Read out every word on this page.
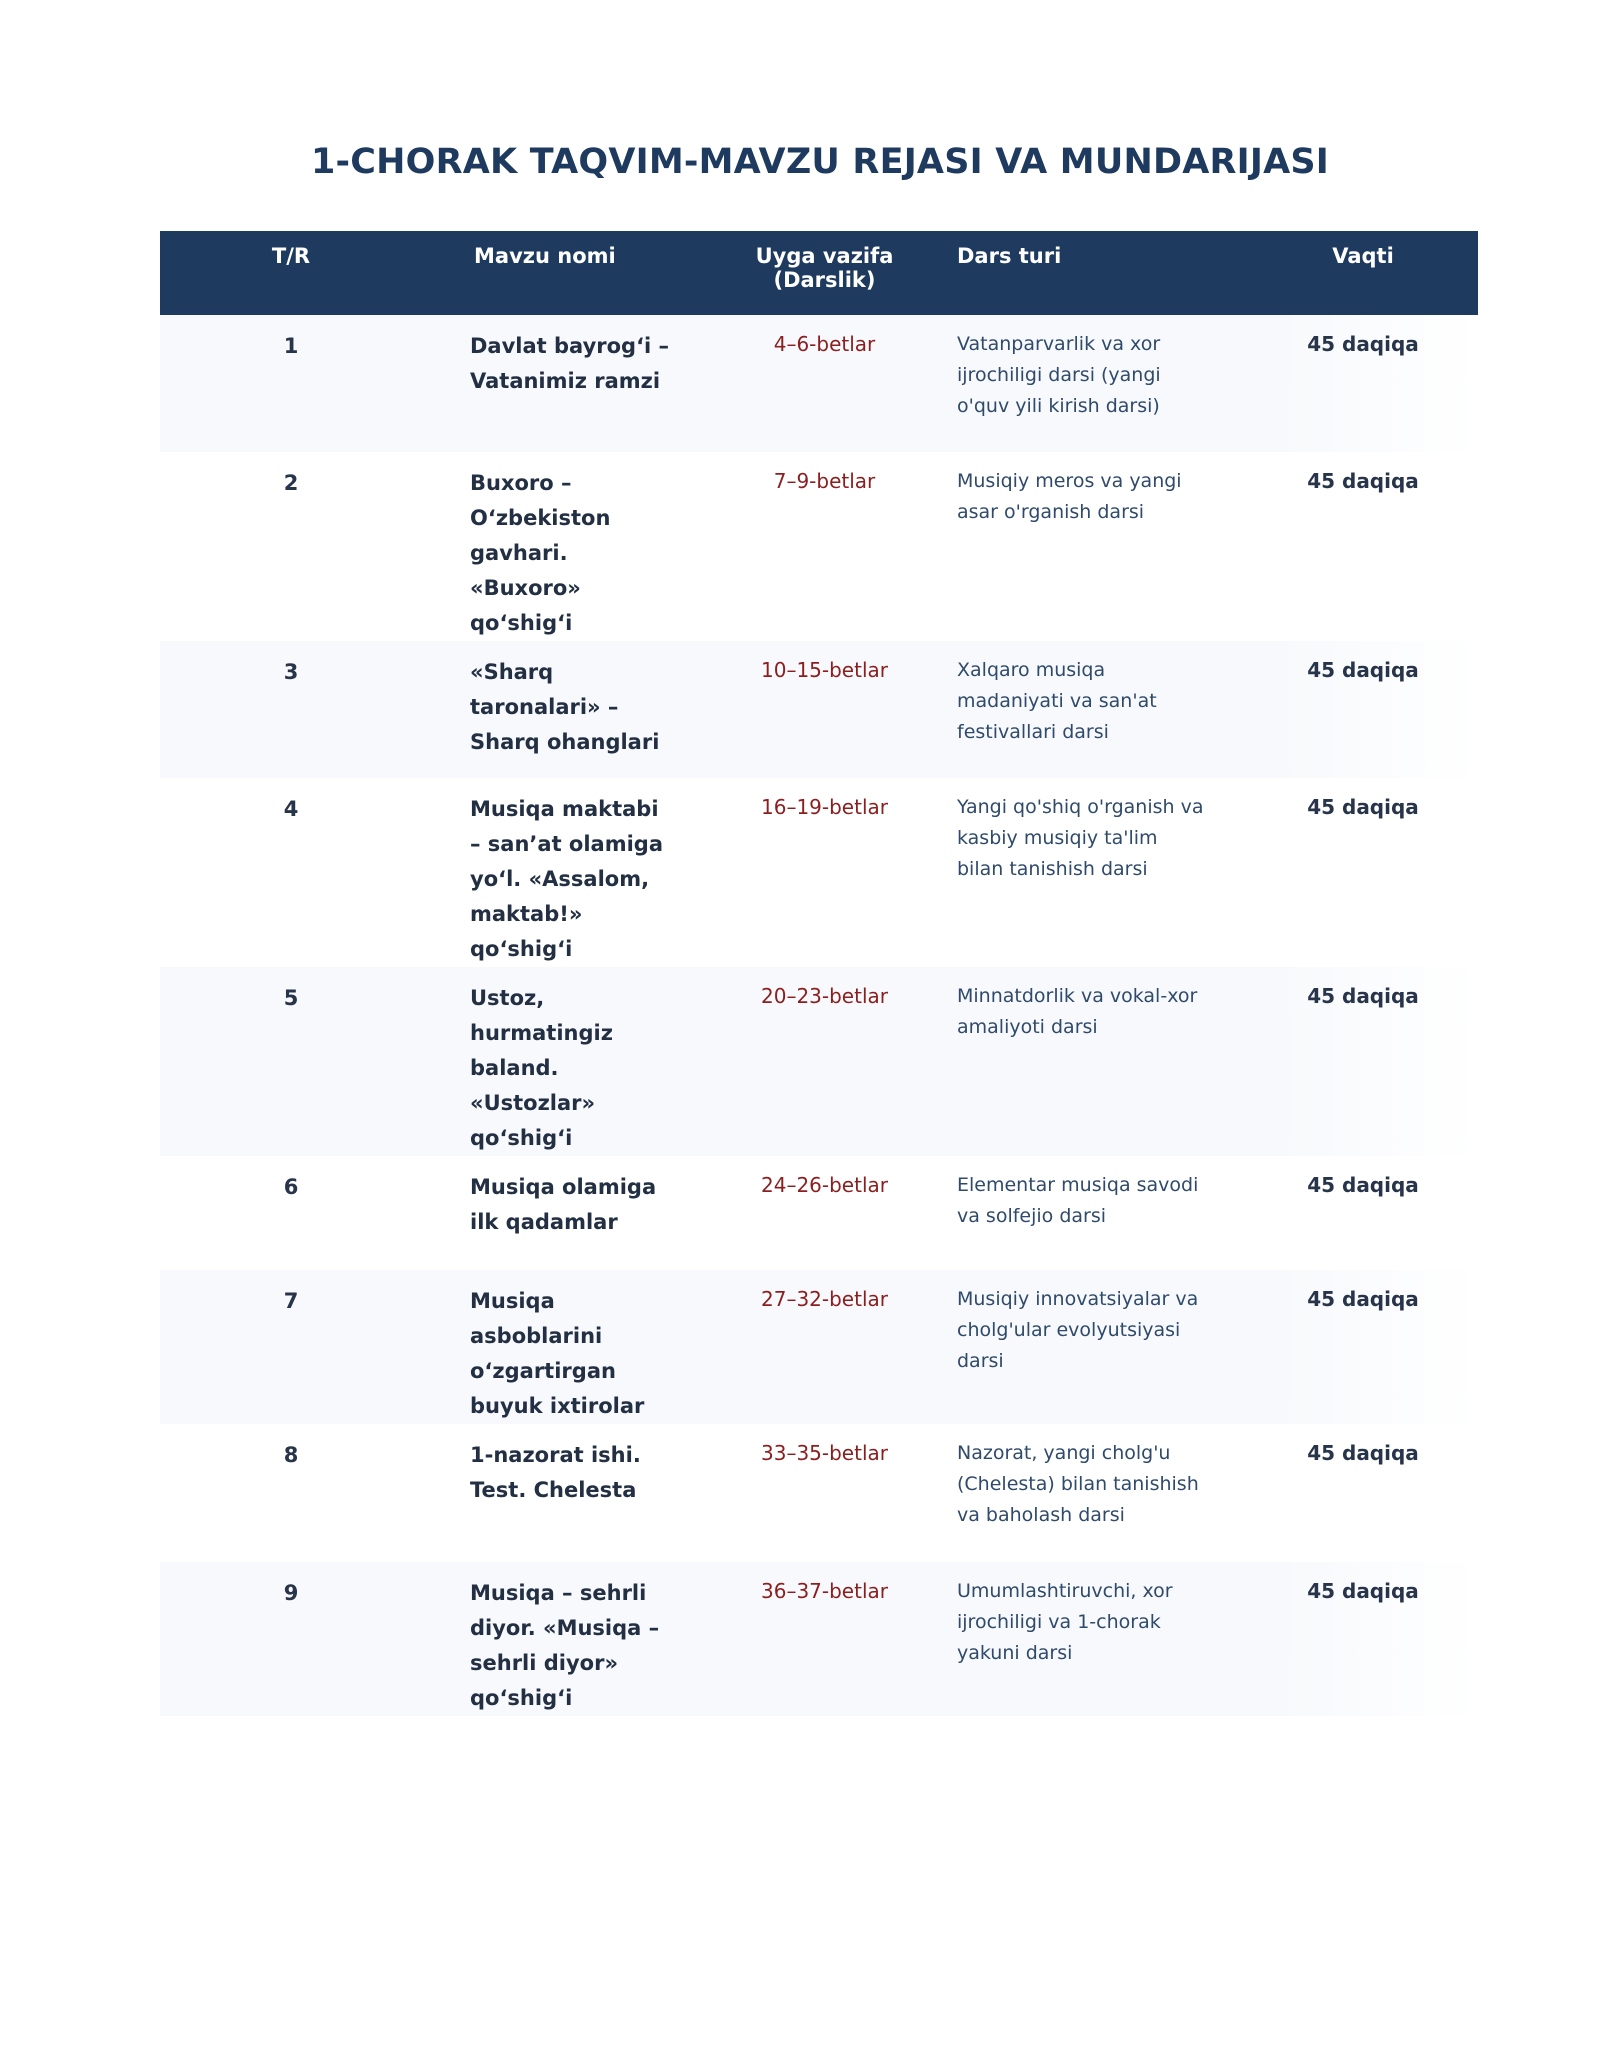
1-CHORAK TAQVIM-MAVZU REJASI VA MUNDARIJASI
T/R	Mavzu nomi	Uyga vazifa (Darslik)	Dars turi	Vaqti
1	Davlat bayrog‘i – Vatanimiz ramzi	4–6-betlar	Vatanparvarlik va xor ijrochiligi darsi (yangi o'quv yili kirish darsi)	45 daqiqa
2	Buxoro – O‘zbekiston gavhari. «Buxoro» qo‘shig‘i	7–9-betlar	Musiqiy meros va yangi asar o'rganish darsi	45 daqiqa
3	«Sharq taronalari» – Sharq ohanglari	10–15-betlar	Xalqaro musiqa madaniyati va san'at festivallari darsi	45 daqiqa
4	Musiqa maktabi – san’at olamiga yo‘l. «Assalom, maktab!» qo‘shig‘i	16–19-betlar	Yangi qo'shiq o'rganish va kasbiy musiqiy ta'lim bilan tanishish darsi	45 daqiqa
5	Ustoz, hurmatingiz baland. «Ustozlar» qo‘shig‘i	20–23-betlar	Minnatdorlik va vokal-xor amaliyoti darsi	45 daqiqa
6	Musiqa olamiga ilk qadamlar	24–26-betlar	Elementar musiqa savodi va solfejio darsi	45 daqiqa
7	Musiqa asboblarini o‘zgartirgan buyuk ixtirolar	27–32-betlar	Musiqiy innovatsiyalar va cholg'ular evolyutsiyasi darsi	45 daqiqa
8	1-nazorat ishi. Test. Chelesta	33–35-betlar	Nazorat, yangi cholg'u (Chelesta) bilan tanishish va baholash darsi	45 daqiqa
9	Musiqa – sehrli diyor. «Musiqa – sehrli diyor» qo‘shig‘i	36–37-betlar	Umumlashtiruvchi, xor ijrochiligi va 1-chorak yakuni darsi	45 daqiqa
